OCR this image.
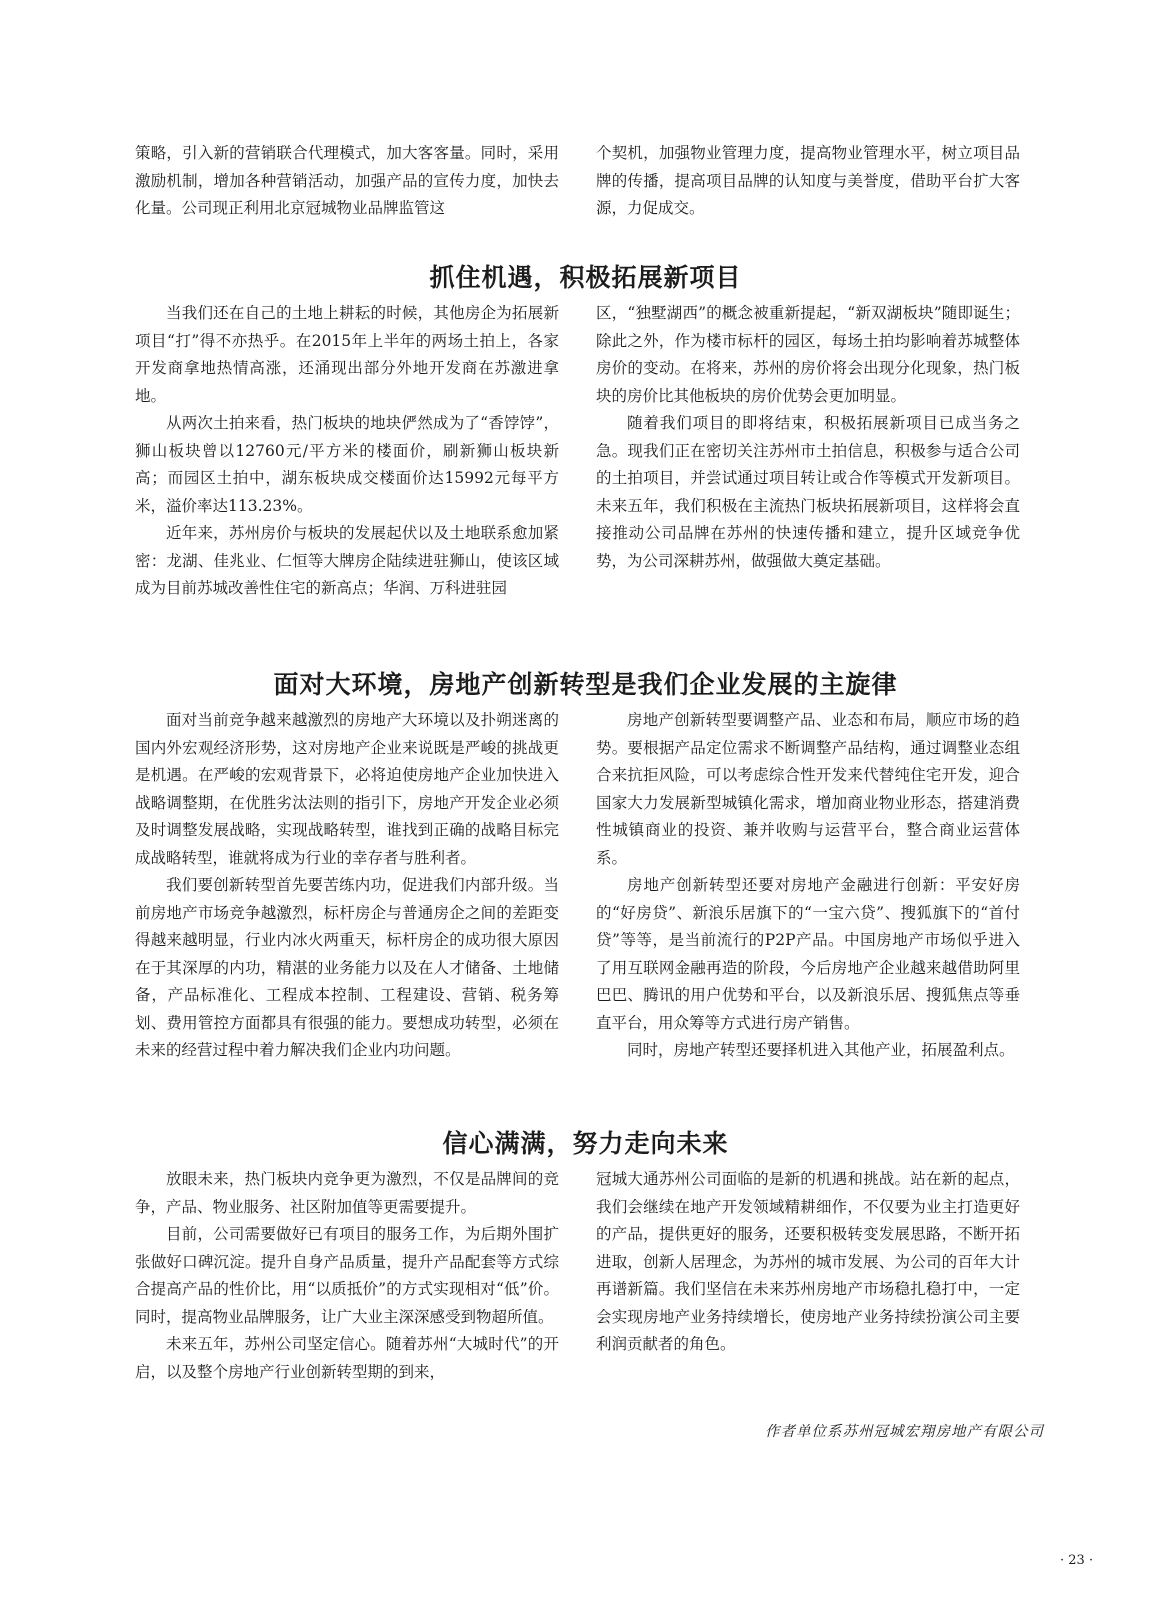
策略，引入新的营销联合代理模式，加大客客量。同时，采用激励机制，增加各种营销活动，加强产品的宣传力度，加快去化量。公司现正利用北京冠城物业品牌监管这

个契机，加强物业管理力度，提高物业管理水平，树立项目品牌的传播，提高项目品牌的认知度与美誉度，借助平台扩大客源，力促成交。

抓住机遇，积极拓展新项目

当我们还在自己的土地上耕耘的时候，其他房企为拓展新项目“打”得不亦热乎。在2015年上半年的两场土拍上，各家开发商拿地热情高涨，还涌现出部分外地开发商在苏激进拿地。

从两次土拍来看，热门板块的地块俨然成为了“香饽饽”，狮山板块曾以12760元/平方米的楼面价，刷新狮山板块新高；而园区土拍中，湖东板块成交楼面价达15992元每平方米，溢价率达113.23%。

近年来，苏州房价与板块的发展起伏以及土地联系愈加紧密：龙湖、佳兆业、仁恒等大牌房企陆续进驻狮山，使该区域成为目前苏城改善性住宅的新高点；华润、万科进驻园

区，“独墅湖西”的概念被重新提起，“新双湖板块”随即诞生；除此之外，作为楼市标杆的园区，每场土拍均影响着苏城整体房价的变动。在将来，苏州的房价将会出现分化现象，热门板块的房价比其他板块的房价优势会更加明显。

随着我们项目的即将结束，积极拓展新项目已成当务之急。现我们正在密切关注苏州市土拍信息，积极参与适合公司的土拍项目，并尝试通过项目转让或合作等模式开发新项目。未来五年，我们积极在主流热门板块拓展新项目，这样将会直接推动公司品牌在苏州的快速传播和建立，提升区域竞争优势，为公司深耕苏州，做强做大奠定基础。

面对大环境，房地产创新转型是我们企业发展的主旋律

面对当前竞争越来越激烈的房地产大环境以及扑朔迷离的国内外宏观经济形势，这对房地产企业来说既是严峻的挑战更是机遇。在严峻的宏观背景下，必将迫使房地产企业加快进入战略调整期，在优胜劣汰法则的指引下，房地产开发企业必须及时调整发展战略，实现战略转型，谁找到正确的战略目标完成战略转型，谁就将成为行业的幸存者与胜利者。

我们要创新转型首先要苦练内功，促进我们内部升级。当前房地产市场竞争越激烈，标杆房企与普通房企之间的差距变得越来越明显，行业内冰火两重天，标杆房企的成功很大原因在于其深厚的内功，精湛的业务能力以及在人才储备、土地储备，产品标准化、工程成本控制、工程建设、营销、税务筹划、费用管控方面都具有很强的能力。要想成功转型，必须在未来的经营过程中着力解决我们企业内功问题。

房地产创新转型要调整产品、业态和布局，顺应市场的趋势。要根据产品定位需求不断调整产品结构，通过调整业态组合来抗拒风险，可以考虑综合性开发来代替纯住宅开发，迎合国家大力发展新型城镇化需求，增加商业物业形态，搭建消费性城镇商业的投资、兼并收购与运营平台，整合商业运营体系。

房地产创新转型还要对房地产金融进行创新：平安好房的“好房贷”、新浪乐居旗下的“一宝六贷”、搜狐旗下的“首付贷”等等，是当前流行的P2P产品。中国房地产市场似乎进入了用互联网金融再造的阶段，今后房地产企业越来越借助阿里巴巴、腾讯的用户优势和平台，以及新浪乐居、搜狐焦点等垂直平台，用众筹等方式进行房产销售。

同时，房地产转型还要择机进入其他产业，拓展盈利点。

信心满满，努力走向未来

放眼未来，热门板块内竞争更为激烈，不仅是品牌间的竞争，产品、物业服务、社区附加值等更需要提升。

目前，公司需要做好已有项目的服务工作，为后期外围扩张做好口碑沉淀。提升自身产品质量，提升产品配套等方式综合提高产品的性价比，用“以质抵价”的方式实现相对“低”价。同时，提高物业品牌服务，让广大业主深深感受到物超所值。

未来五年，苏州公司坚定信心。随着苏州“大城时代”的开启，以及整个房地产行业创新转型期的到来，

冠城大通苏州公司面临的是新的机遇和挑战。站在新的起点，我们会继续在地产开发领域精耕细作，不仅要为业主打造更好的产品，提供更好的服务，还要积极转变发展思路，不断开拓进取，创新人居理念，为苏州的城市发展、为公司的百年大计再谱新篇。我们坚信在未来苏州房地产市场稳扎稳打中，一定会实现房地产业务持续增长，使房地产业务持续扮演公司主要利润贡献者的角色。

作者单位系苏州冠城宏翔房地产有限公司
· 23 ·
